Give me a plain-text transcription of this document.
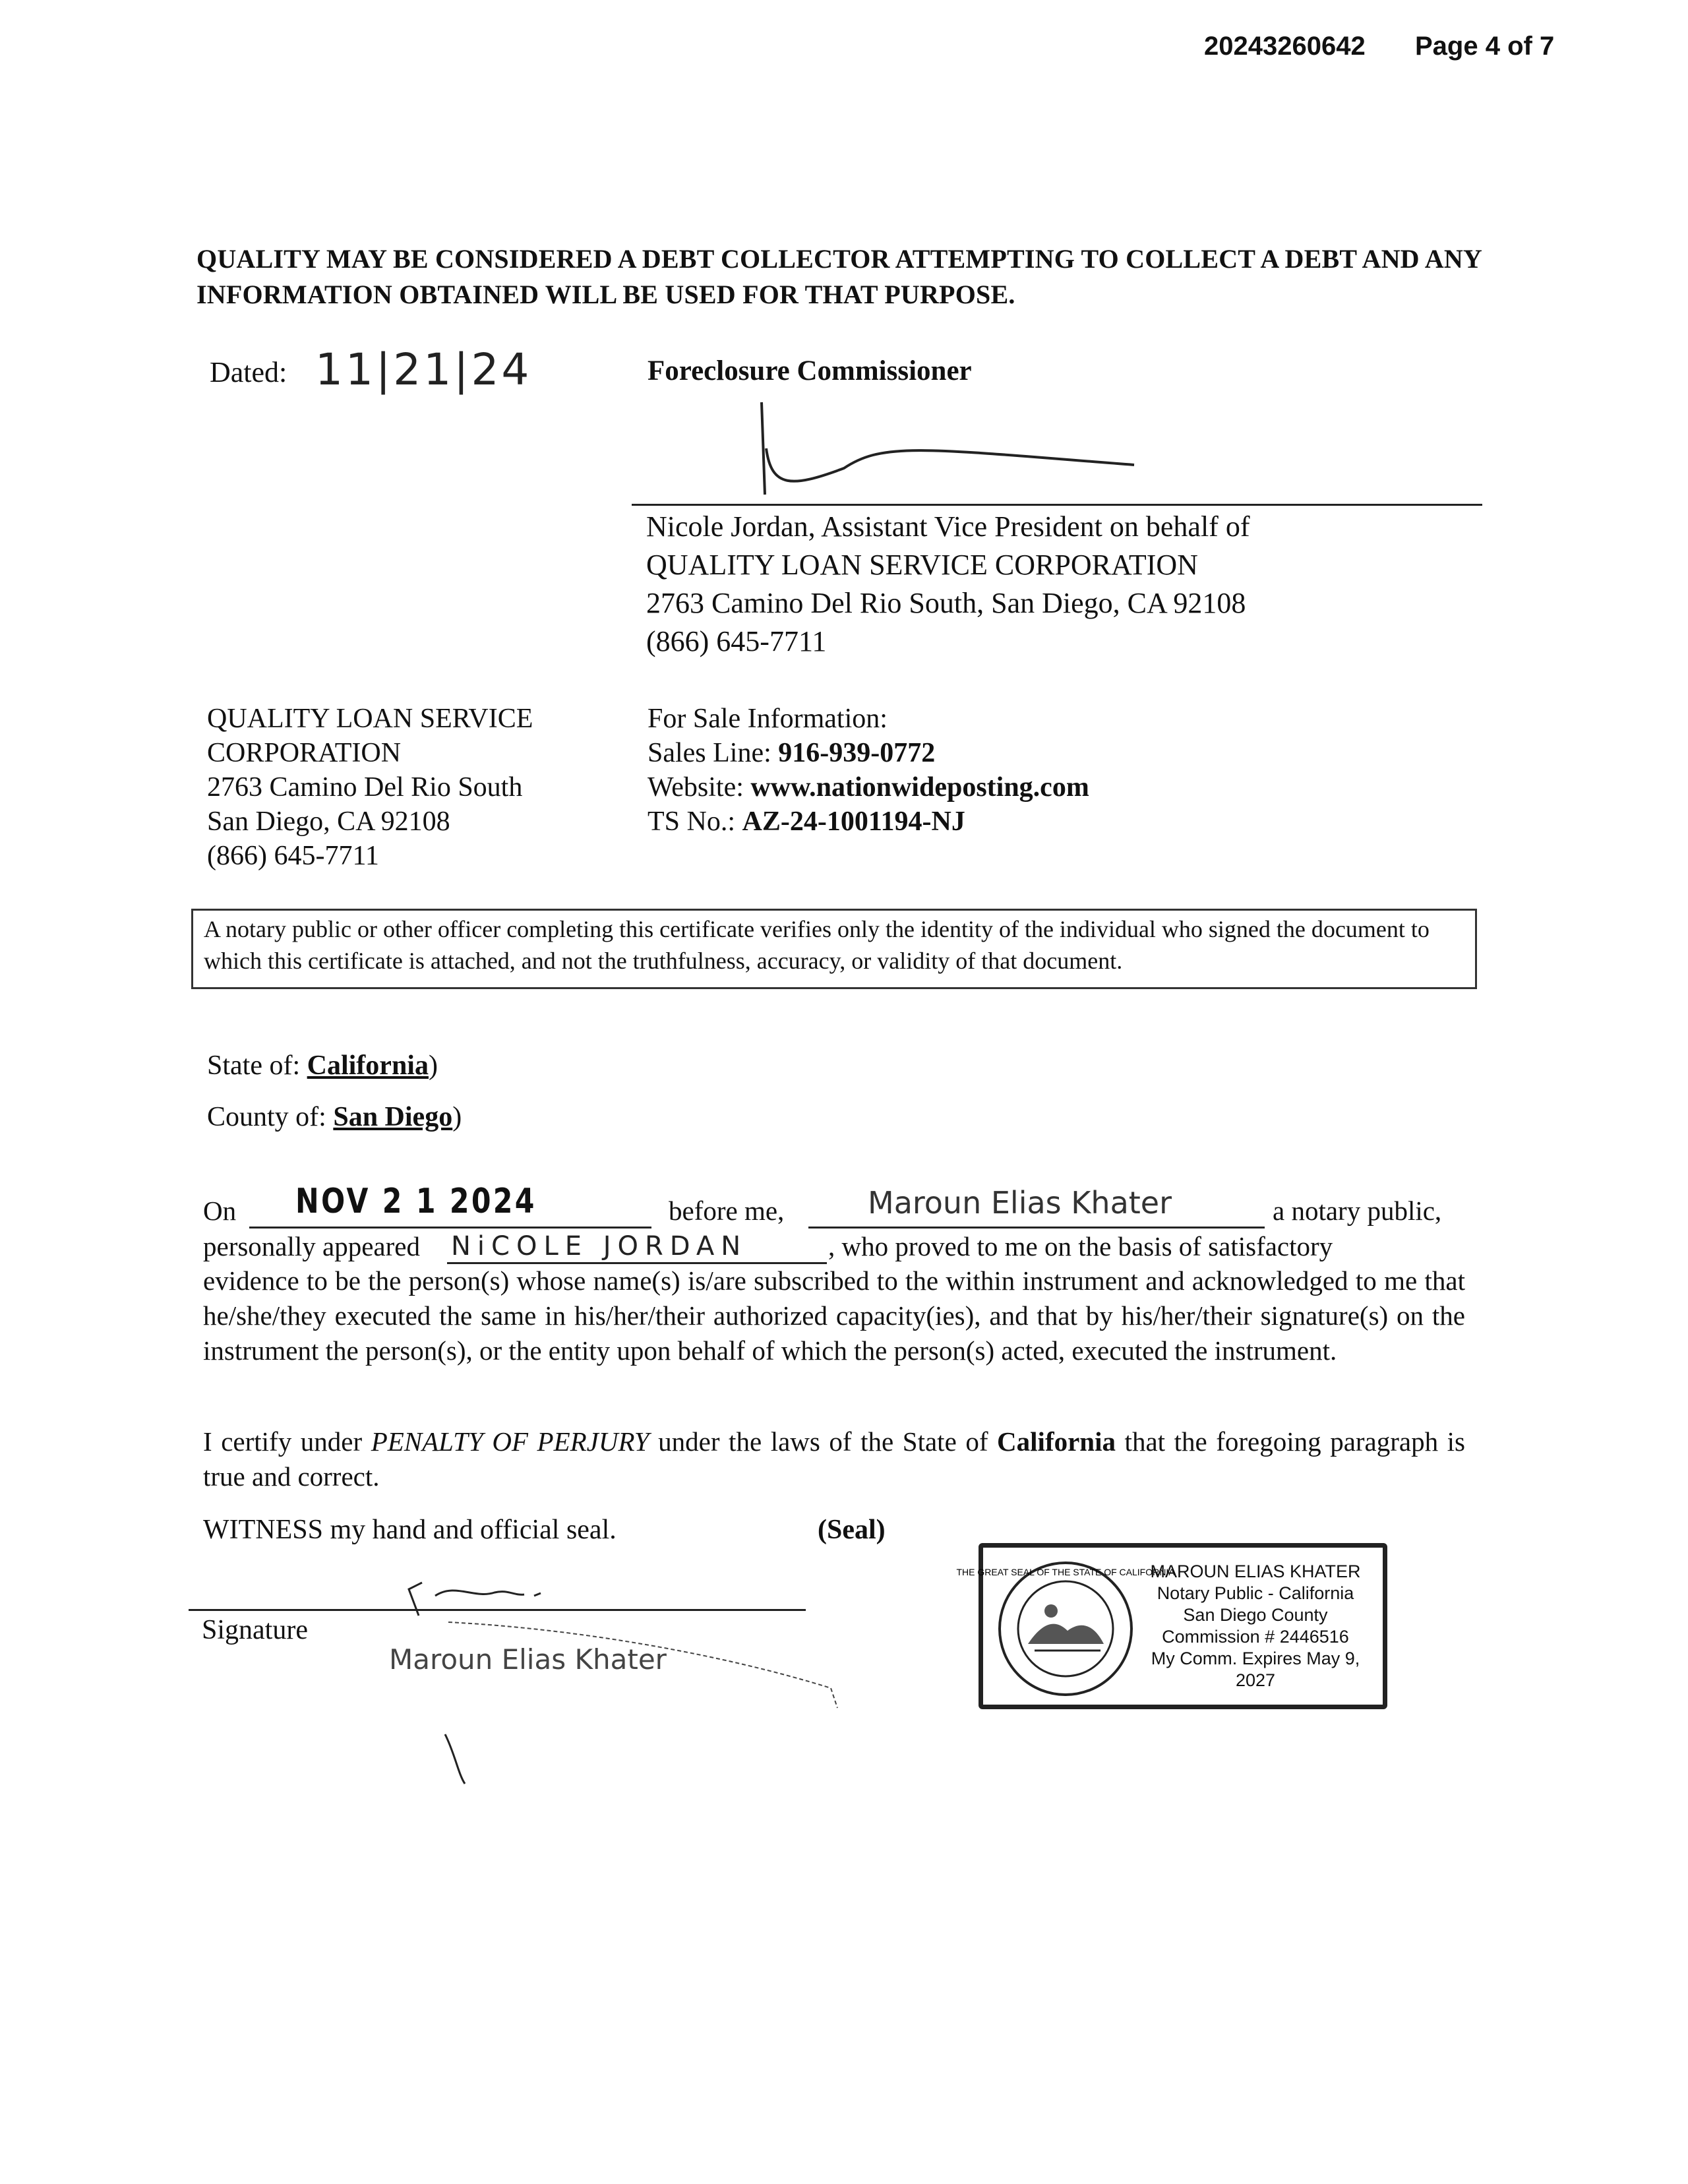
20243260642 Page 4 of 7
QUALITY MAY BE CONSIDERED A DEBT COLLECTOR ATTEMPTING TO COLLECT A DEBT AND ANY INFORMATION OBTAINED WILL BE USED FOR THAT PURPOSE.
Dated: 11|21|24	Foreclosure Commissioner
Nicole Jordan, Assistant Vice President on behalf of
QUALITY LOAN SERVICE CORPORATION
2763 Camino Del Rio South, San Diego, CA 92108
(866) 645-7711
QUALITY LOAN SERVICE
CORPORATION
2763 Camino Del Rio South
San Diego, CA 92108
(866) 645-7711
For Sale Information:
Sales Line: 916-939-0772
Website: www.nationwideposting.com
TS No.: AZ-24-1001194-NJ
A notary public or other officer completing this certificate verifies only the identity of the individual who signed the document to which this certificate is attached, and not the truthfulness, accuracy, or validity of that document.
State of: California)
County of: San Diego)
On NOV 2 1 2024	before me,	Maroun Elias Khater	a notary public,
personally appeared NiCOLE JORDAN	, who proved to me on the basis of satisfactory
evidence to be the person(s) whose name(s) is/are subscribed to the within instrument and acknowledged to me that he/she/they executed the same in his/her/their authorized capacity(ies), and that by his/her/their signature(s) on the instrument the person(s), or the entity upon behalf of which the person(s) acted, executed the instrument.
I certify under PENALTY OF PERJURY under the laws of the State of California that the foregoing paragraph is true and correct.
WITNESS my hand and official seal.	(Seal)
Signature
Maroun Elias Khater
THE GREAT SEAL OF THE STATE OF CALIFORNIA
MAROUN ELIAS KHATER
Notary Public - California
San Diego County
Commission # 2446516
My Comm. Expires May 9, 2027
